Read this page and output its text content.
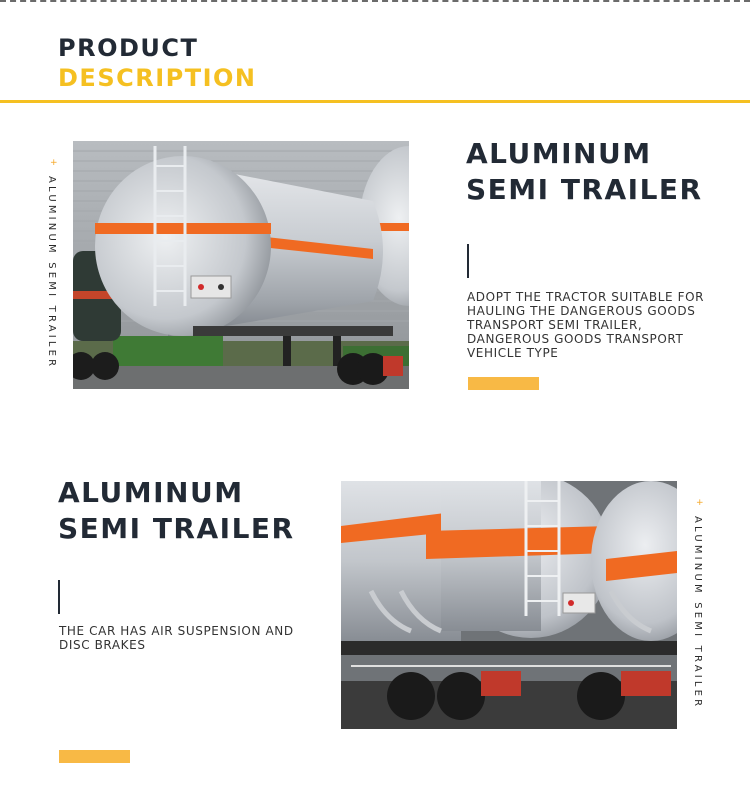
PRODUCT
DESCRIPTION
+
ALUMINUM SEMI TRAILER
ALUMINUM
SEMI TRAILER
ADOPT THE TRACTOR SUITABLE FOR HAULING THE DANGEROUS GOODS TRANSPORT SEMI TRAILER, DANGEROUS GOODS TRANSPORT VEHICLE TYPE
ALUMINUM
SEMI TRAILER
THE CAR HAS AIR SUSPENSION AND DISC BRAKES
+
ALUMINUM SEMI TRAILER
